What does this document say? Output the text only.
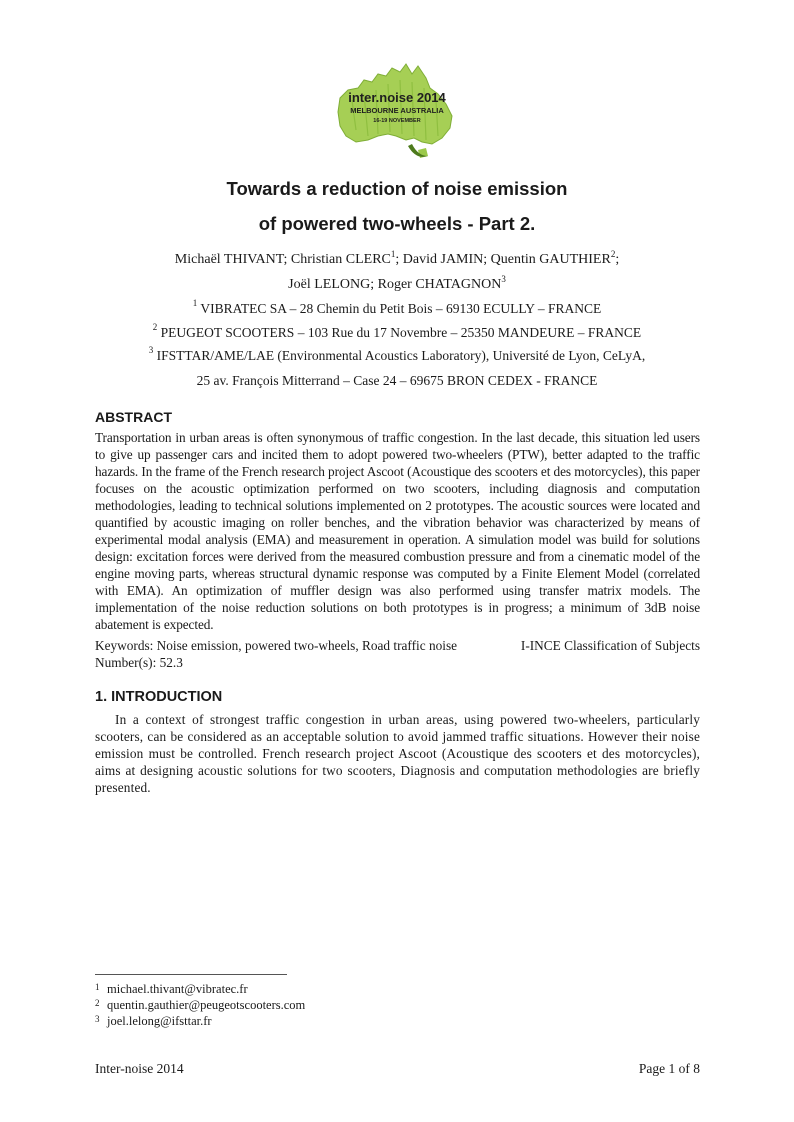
inter.noise 2014
MELBOURNE AUSTRALIA
16-19 NOVEMBER
Towards a reduction of noise emission
of powered two-wheels - Part 2.
Michaël THIVANT; Christian CLERC$^1$; David JAMIN; Quentin GAUTHIER$^2$;
Joël LELONG; Roger CHATAGNON$^3$
$^1$ VIBRATEC SA – 28 Chemin du Petit Bois – 69130 ECULLY – FRANCE
$^2$ PEUGEOT SCOOTERS – 103 Rue du 17 Novembre – 25350 MANDEURE – FRANCE
$^3$ IFSTTAR/AME/LAE (Environmental Acoustics Laboratory), Université de Lyon, CeLyA,
25 av. François Mitterrand – Case 24 – 69675 BRON CEDEX - FRANCE
ABSTRACT
Transportation in urban areas is often synonymous of traffic congestion. In the last decade, this situation led users to give up passenger cars and incited them to adopt powered two-wheelers (PTW), better adapted to the traffic hazards. In the frame of the French research project Ascoot (Acoustique des scooters et des motorcycles), this paper focuses on the acoustic optimization performed on two scooters, including diagnosis and computation methodologies, leading to technical solutions implemented on 2 prototypes. The acoustic sources were located and quantified by acoustic imaging on roller benches, and the vibration behavior was characterized by means of experimental modal analysis (EMA) and measurement in operation. A simulation model was build for solutions design: excitation forces were derived from the measured combustion pressure and from a cinematic model of the engine moving parts, whereas structural dynamic response was computed by a Finite Element Model (correlated with EMA). An optimization of muffler design was also performed using transfer matrix models. The implementation of the noise reduction solutions on both prototypes is in progress; a minimum of 3dB noise abatement is expected.
Keywords: Noise emission, powered two-wheels, Road traffic noise	I-INCE Classification of Subjects
Number(s): 52.3
1. INTRODUCTION
In a context of strongest traffic congestion in urban areas, using powered two-wheelers, particularly scooters, can be considered as an acceptable solution to avoid jammed traffic situations. However their noise emission must be controlled. French research project Ascoot (Acoustique des scooters et des motorcycles), aims at designing acoustic solutions for two scooters, Diagnosis and computation methodologies are briefly presented.
1 michael.thivant@vibratec.fr
2 quentin.gauthier@peugeotscooters.com
3 joel.lelong@ifsttar.fr
Inter-noise 2014	Page 1 of 8
